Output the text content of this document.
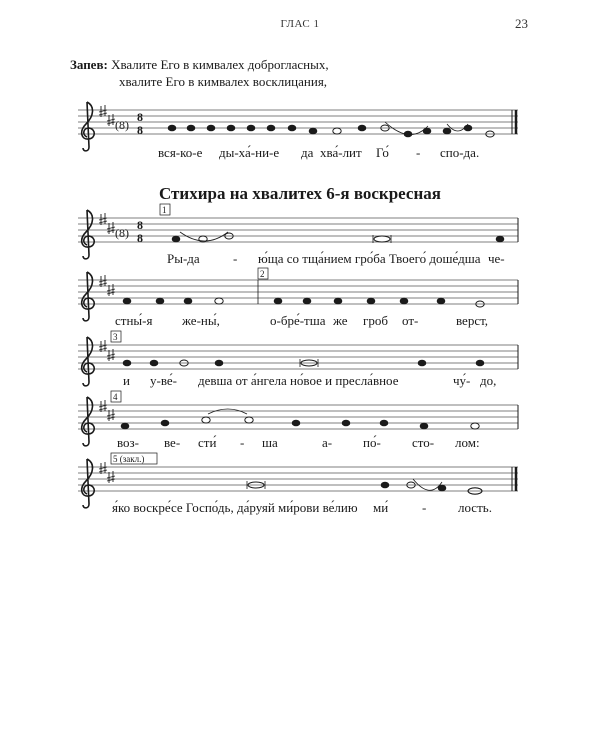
ГЛАС 1	23
Запев: Хвалите Его в кимвалех доброгласных,
хвалите Его в кимвалех восклицания,
Стихира на хвалитех 6-я воскресная
(8)
8
8
(8)
8
8
1
2
3
4
5 (закл.)
вся-ко-е ды-ха́-ни-е да хва́-лит Го́ - спо-да.
Ры-да	- ю́ща со тща́нием гро́ба Твоего́ доше́дша че-
стны́-я же-ны́,	о-бре́-тша же гроб от-	верст,
и у-ве́- девша от а́нгела но́вое и пресла́вное	чу́- до,
воз- ве- сти́ - ша	а- по́- сто- лом:
я́ко воскре́се Госпо́дь, да́руяй ми́рови ве́лию ми́	- лость.
